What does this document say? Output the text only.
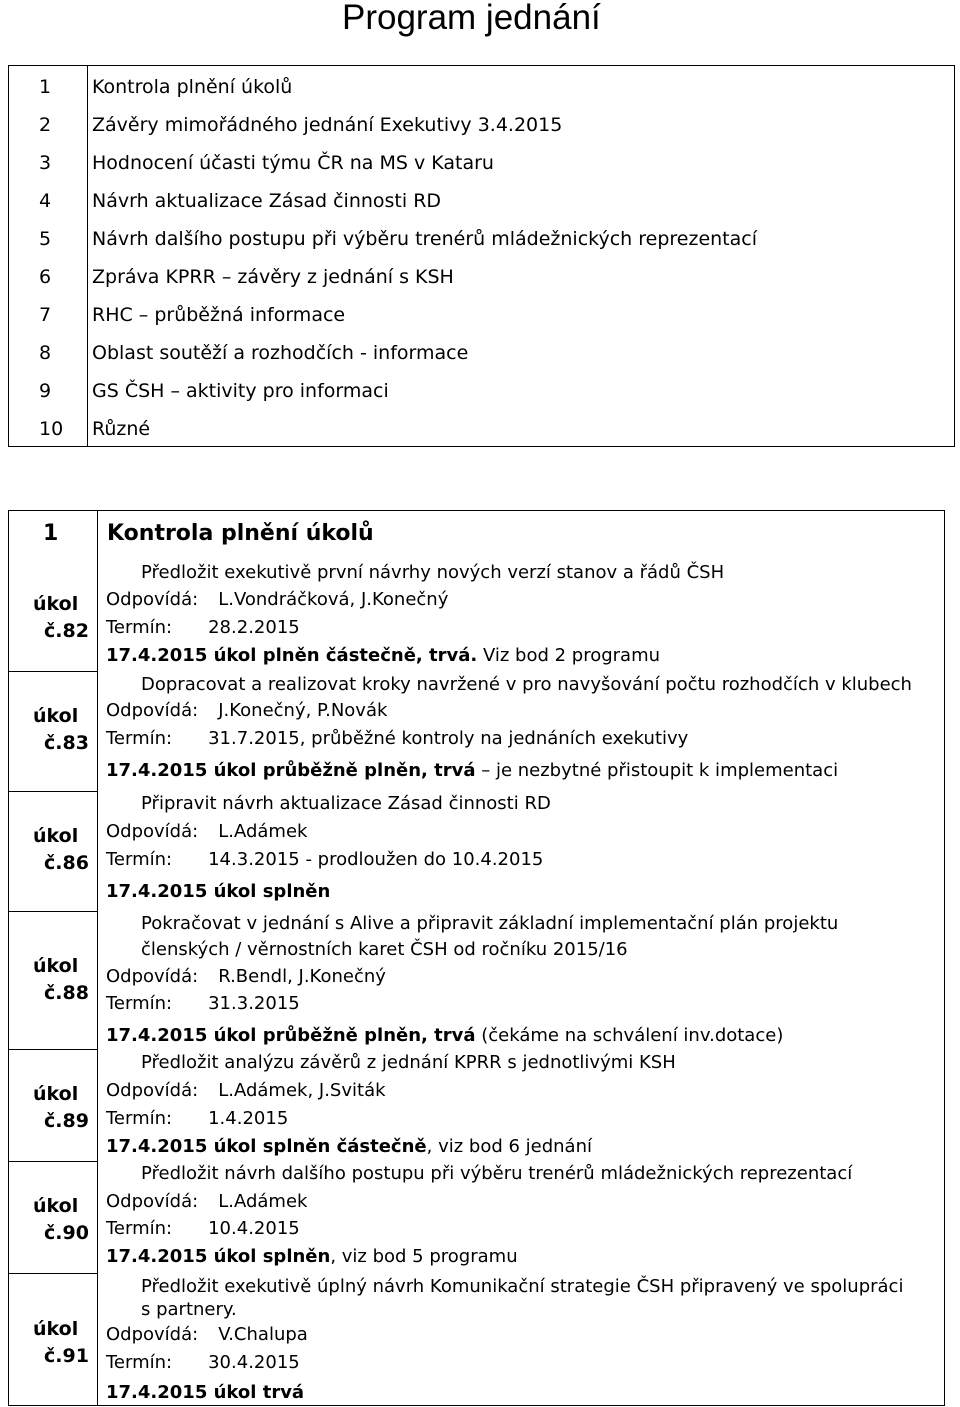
Program jednání
1	Kontrola plnění úkolů
2	Závěry mimořádného jednání Exekutivy 3.4.2015
3	Hodnocení účasti týmu ČR na MS v Kataru
4	Návrh aktualizace Zásad činnosti RD
5	Návrh dalšího postupu při výběru trenérů mládežnických reprezentací
6	Zpráva KPRR – závěry z jednání s KSH
7	RHC – průběžná informace
8	Oblast soutěží a rozhodčích - informace
9	GS ČSH – aktivity pro informaci
10	Různé
1 Kontrola plnění úkolů
úkol
č.82
Předložit exekutivě první návrhy nových verzí stanov a řádů ČSH
Odpovídá: L.Vondráčková, J.Konečný
Termín: 28.2.2015
17.4.2015 úkol plněn částečně, trvá. Viz bod 2 programu
úkol
č.83
Dopracovat a realizovat kroky navržené v pro navyšování počtu rozhodčích v klubech
Odpovídá: J.Konečný, P.Novák
Termín: 31.7.2015, průběžné kontroly na jednáních exekutivy
17.4.2015 úkol průběžně plněn, trvá – je nezbytné přistoupit k implementaci
úkol
č.86
Připravit návrh aktualizace Zásad činnosti RD
Odpovídá: L.Adámek
Termín: 14.3.2015 - prodloužen do 10.4.2015
17.4.2015 úkol splněn
úkol
č.88
Pokračovat v jednání s Alive a připravit základní implementační plán projektu
členských / věrnostních karet ČSH od ročníku 2015/16
Odpovídá: R.Bendl, J.Konečný
Termín: 31.3.2015
17.4.2015 úkol průběžně plněn, trvá (čekáme na schválení inv.dotace)
úkol
č.89
Předložit analýzu závěrů z jednání KPRR s jednotlivými KSH
Odpovídá: L.Adámek, J.Sviták
Termín: 1.4.2015
17.4.2015 úkol splněn částečně, viz bod 6 jednání
úkol
č.90
Předložit návrh dalšího postupu při výběru trenérů mládežnických reprezentací
Odpovídá: L.Adámek
Termín: 10.4.2015
17.4.2015 úkol splněn, viz bod 5 programu
úkol
č.91
Předložit exekutivě úplný návrh Komunikační strategie ČSH připravený ve spolupráci
s partnery.
Odpovídá: V.Chalupa
Termín: 30.4.2015
17.4.2015 úkol trvá
